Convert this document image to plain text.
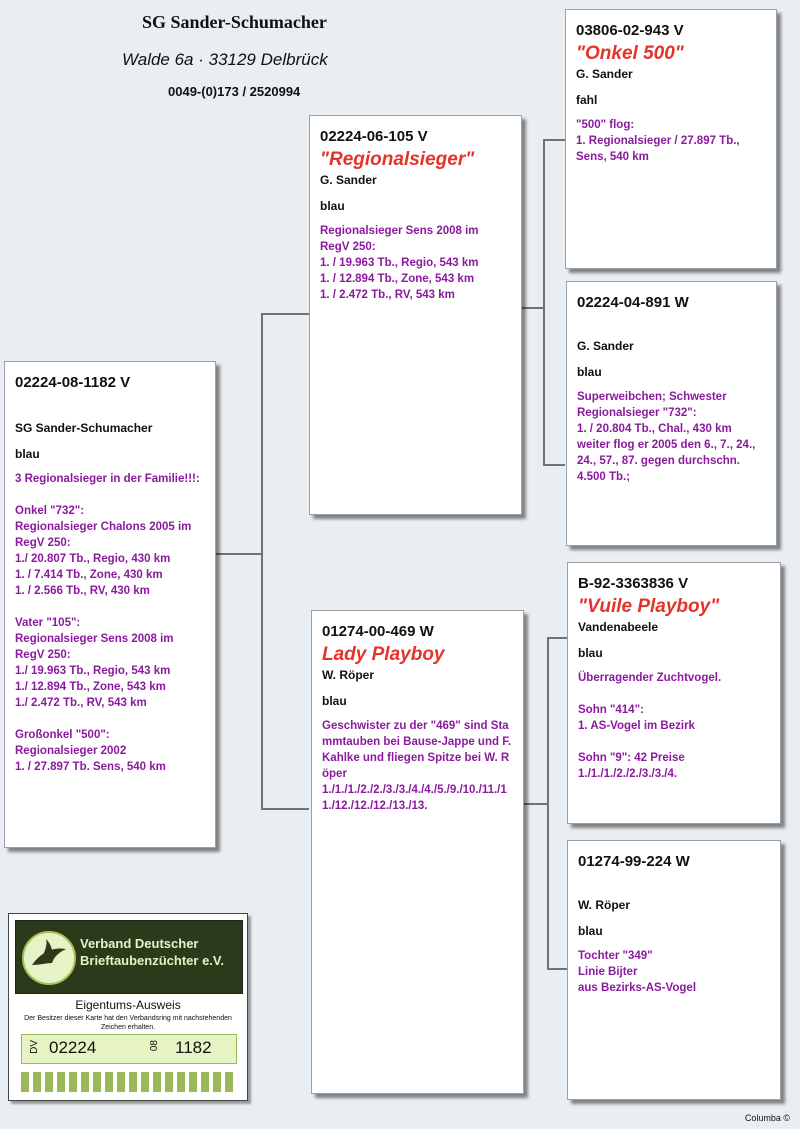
SG Sander-Schumacher
Walde 6a · 33129 Delbrück
0049-(0)173 / 2520994
02224-08-1182 V
SG Sander-Schumacher
blau
3 Regionalsieger in der Familie!!!:

Onkel "732":
Regionalsieger Chalons 2005 im RegV 250:
1./ 20.807 Tb., Regio, 430 km
1. / 7.414 Tb., Zone, 430 km
1. / 2.566 Tb., RV, 430 km

Vater "105":
Regionalsieger Sens 2008 im RegV 250:
1./ 19.963 Tb., Regio, 543 km
1./ 12.894 Tb., Zone, 543 km
1./ 2.472 Tb., RV, 543 km

Großonkel "500":
Regionalsieger 2002
1. / 27.897 Tb. Sens, 540 km
02224-06-105 V
"Regionalsieger"
G. Sander
blau
Regionalsieger Sens 2008 im RegV 250:
1. / 19.963 Tb., Regio, 543 km
1. / 12.894 Tb., Zone, 543 km
1. / 2.472 Tb., RV, 543 km
01274-00-469 W
Lady Playboy
W. Röper
blau
Geschwister zu der "469" sind Stammtauben bei Bause-Jappe und F. Kahlke und fliegen Spitze bei W. Röper
1./1./1./2./2./3./3./4./4./5./9./10./11./11./12./12./12./13./13.
03806-02-943 V
"Onkel 500"
G. Sander
fahl
"500" flog:
1. Regionalsieger / 27.897 Tb., Sens, 540 km
02224-04-891 W
G. Sander
blau
Superweibchen; Schwester Regionalsieger "732":
1. / 20.804 Tb., Chal., 430 km weiter flog er 2005 den 6., 7., 24., 24., 57., 87. gegen durchschn. 4.500 Tb.;
B-92-3363836 V
"Vuile Playboy"
Vandenabeele
blau
Überragender Zuchtvogel.

Sohn "414":
1. AS-Vogel im Bezirk

Sohn "9": 42 Preise
1./1./1./2./2./3./3./4.
01274-99-224 W
W. Röper
blau
Tochter "349"
Linie Bijter
aus Bezirks-AS-Vogel
Verband Deutscher
Brieftaubenzüchter e.V.
Eigentums-Ausweis
Der Besitzer dieser Karte hat den Verbandsring mit nachstehenden Zeichen erhalten.
DV 02224	08 1182
Columba ©
